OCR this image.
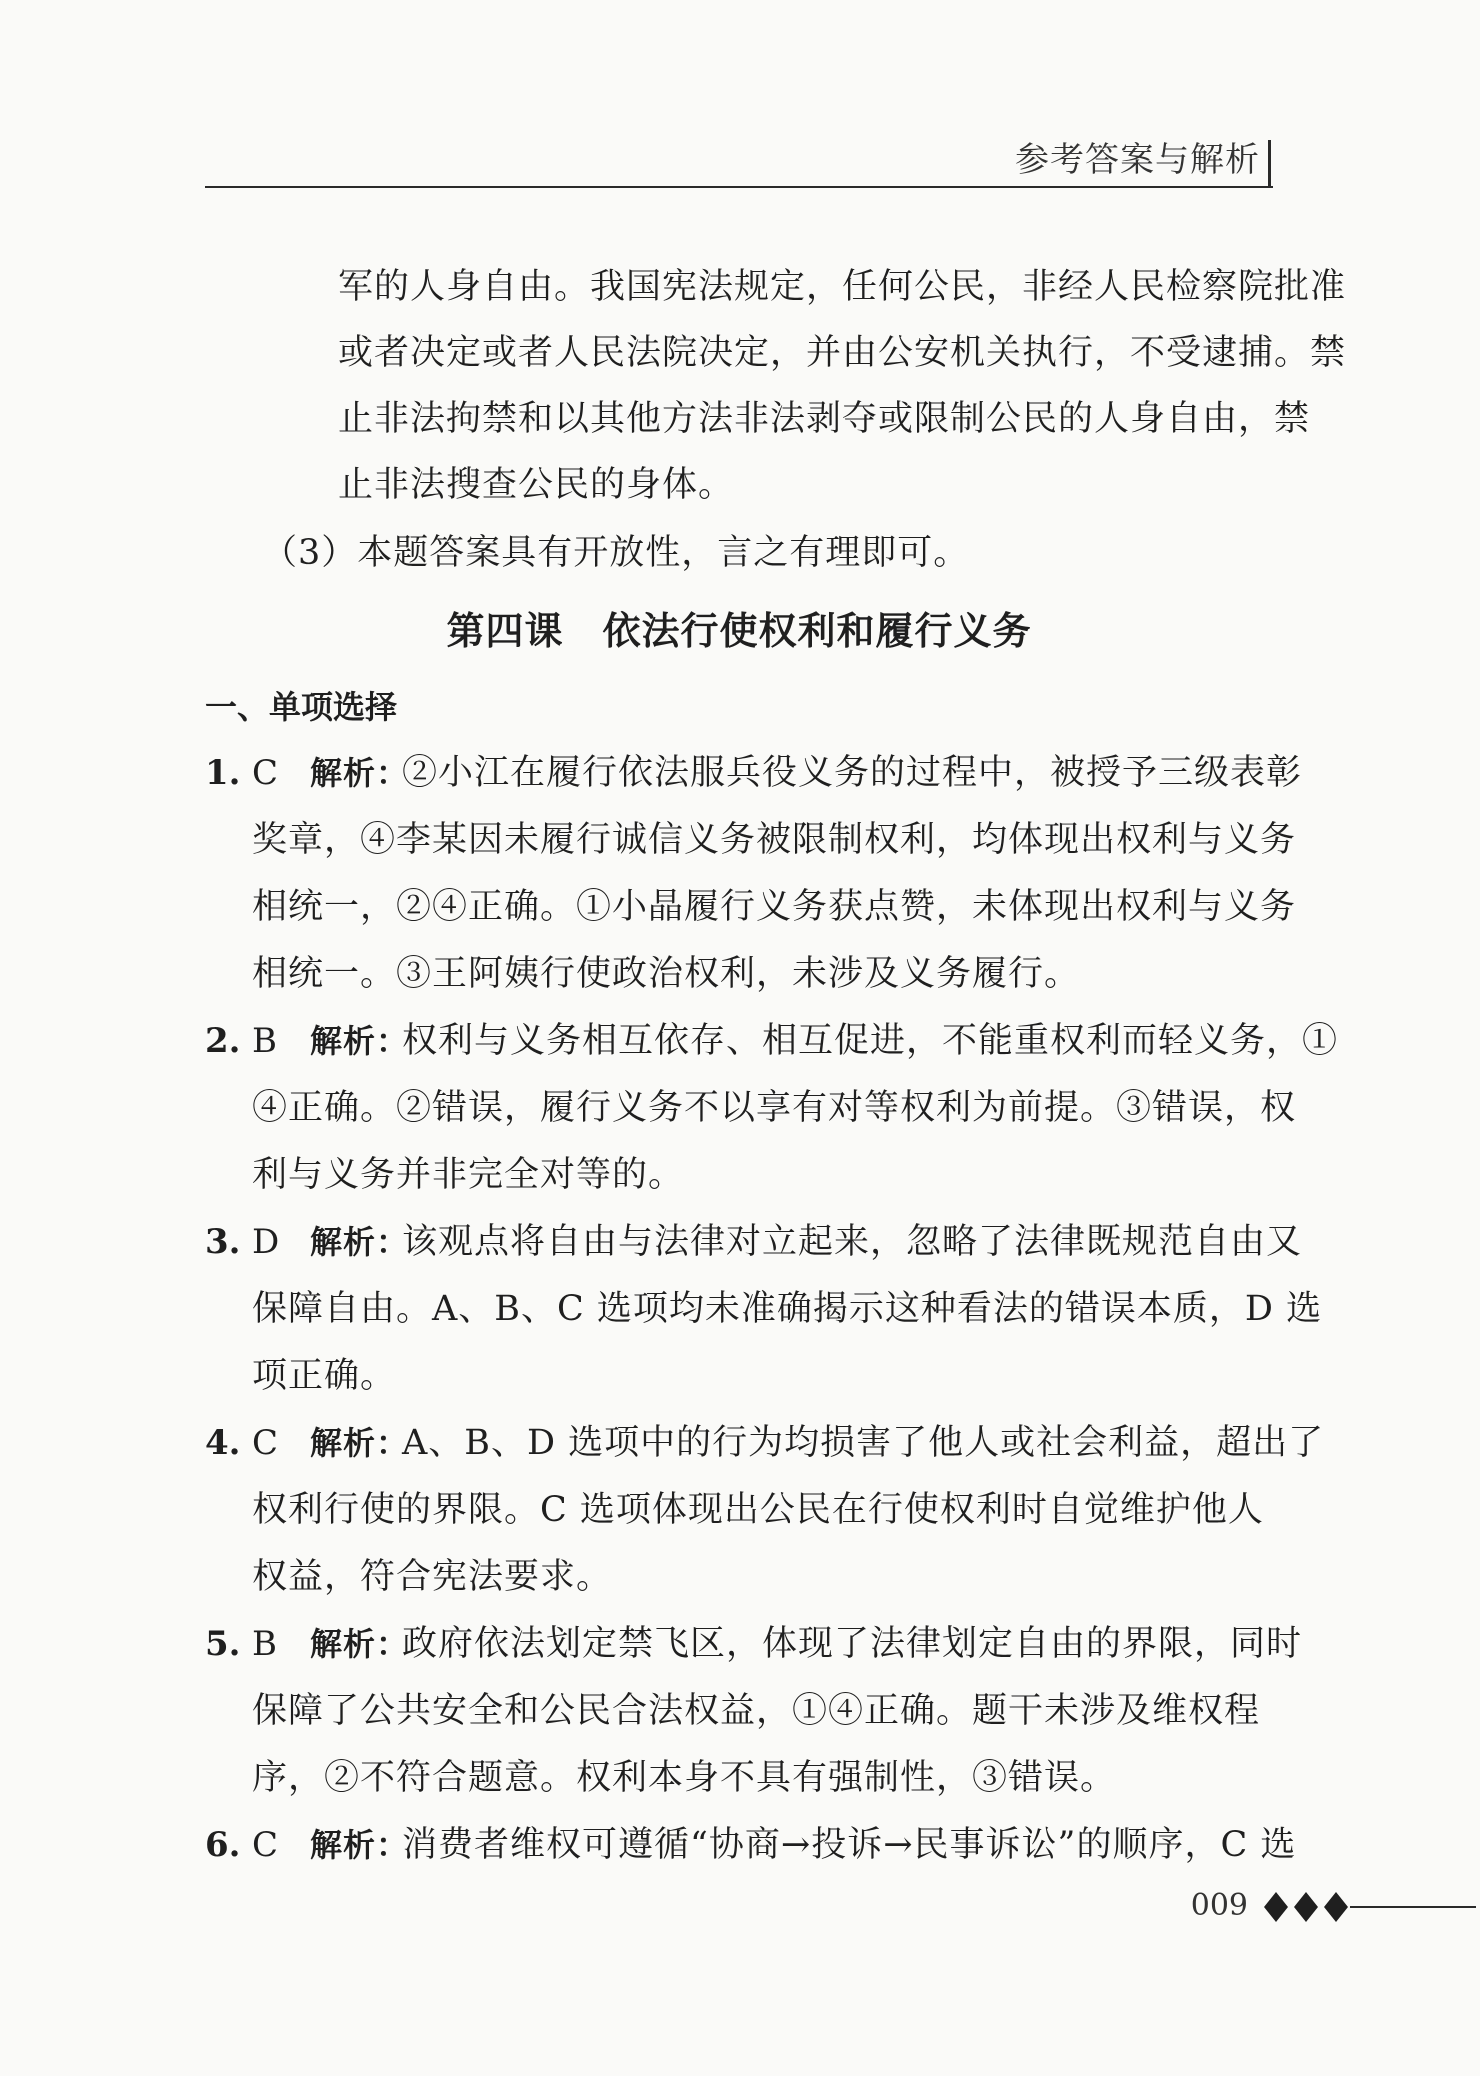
参考答案与解析
军的人身自由。我国宪法规定，任何公民，非经人民检察院批准
或者决定或者人民法院决定，并由公安机关执行，不受逮捕。禁
止非法拘禁和以其他方法非法剥夺或限制公民的人身自由，禁
止非法搜查公民的身体。
（3）本题答案具有开放性，言之有理即可。
第四课　依法行使权利和履行义务
一、单项选择
1. C 解析：
②小江在履行依法服兵役义务的过程中，被授予三级表彰
奖章，④李某因未履行诚信义务被限制权利，均体现出权利与义务
相统一，②④正确。①小晶履行义务获点赞，未体现出权利与义务
相统一。③王阿姨行使政治权利，未涉及义务履行。
2. B	解析：
权利与义务相互依存、相互促进，不能重权利而轻义务，①
④正确。②错误，履行义务不以享有对等权利为前提。③错误，权
利与义务并非完全对等的。
3. D 解析：
该观点将自由与法律对立起来，忽略了法律既规范自由又
保障自由。A、B、C 选项均未准确揭示这种看法的错误本质，D 选
项正确。
4. C 解析：
A、B、D 选项中的行为均损害了他人或社会利益，超出了
权利行使的界限。C 选项体现出公民在行使权利时自觉维护他人
权益，符合宪法要求。
5. B	解析：
政府依法划定禁飞区，体现了法律划定自由的界限，同时
保障了公共安全和公民合法权益，①④正确。题干未涉及维权程
序，②不符合题意。权利本身不具有强制性，③错误。
6. C 解析：
消费者维权可遵循“协商→投诉→民事诉讼”的顺序，C 选
009
